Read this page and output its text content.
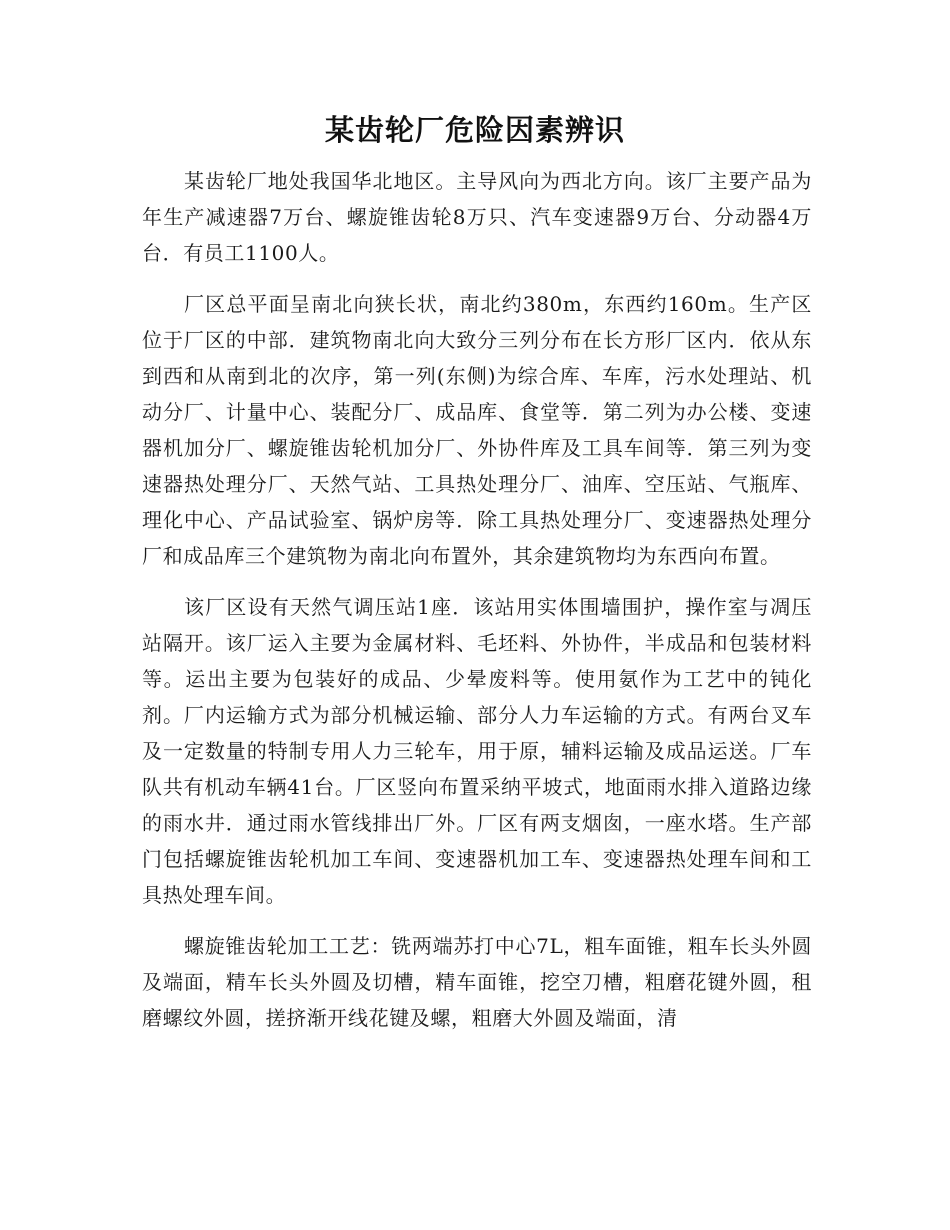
某齿轮厂危险因素辨识

某齿轮厂地处我国华北地区。主导风向为西北方向。该厂主要产品为年生产减速器7万台、螺旋锥齿轮8万只、汽车变速器9万台、分动器4万台．有员工1100人。

厂区总平面呈南北向狭长状，南北约380m，东西约160m。生产区位于厂区的中部．建筑物南北向大致分三列分布在长方形厂区内．依从东到西和从南到北的次序，第一列(东侧)为综合库、车库，污水处理站、机动分厂、计量中心、装配分厂、成品库、食堂等．第二列为办公楼、变速器机加分厂、螺旋锥齿轮机加分厂、外协件库及工具车间等．第三列为变速器热处理分厂、天然气站、工具热处理分厂、油库、空压站、气瓶库、理化中心、产品试验室、锅炉房等．除工具热处理分厂、变速器热处理分厂和成品库三个建筑物为南北向布置外，其余建筑物均为东西向布置。

该厂区设有天然气调压站1座．该站用实体围墙围护，操作室与凋压站隔开。该厂运入主要为金属材料、毛坯料、外协件，半成品和包装材料等。运出主要为包装好的成品、少晕废料等。使用氨作为工艺中的钝化剂。厂内运输方式为部分机械运输、部分人力车运输的方式。有两台叉车及一定数量的特制专用人力三轮车，用于原，辅料运输及成品运送。厂车队共有机动车辆41台。厂区竖向布置采纳平坡式，地面雨水排入道路边缘的雨水井．通过雨水管线排出厂外。厂区有两支烟囱，一座水塔。生产部门包括螺旋锥齿轮机加工车间、变速器机加工车、变速器热处理车间和工具热处理车间。

螺旋锥齿轮加工工艺：铣两端苏打中心7L，粗车面锥，粗车长头外圆及端面，精车长头外圆及切槽，精车面锥，挖空刀槽，粗磨花键外圆，租磨螺纹外圆，搓挤渐开线花键及螺，粗磨大外圆及端面，清
